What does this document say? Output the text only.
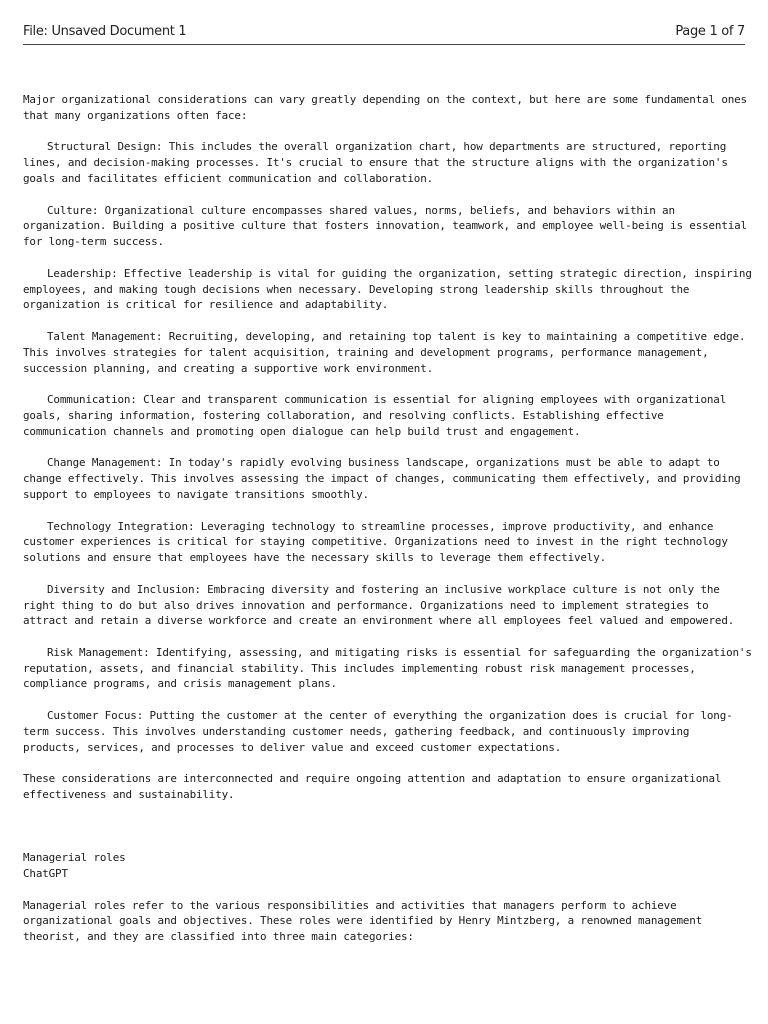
File: Unsaved Document 1	Page 1 of 7

Major organizational considerations can vary greatly depending on the context, but here are some fundamental ones that many organizations often face:

Structural Design: This includes the overall organization chart, how departments are structured, reporting lines, and decision-making processes. It's crucial to ensure that the structure aligns with the organization's goals and facilitates efficient communication and collaboration.

Culture: Organizational culture encompasses shared values, norms, beliefs, and behaviors within an organization. Building a positive culture that fosters innovation, teamwork, and employee well-being is essential for long-term success.

Leadership: Effective leadership is vital for guiding the organization, setting strategic direction, inspiring employees, and making tough decisions when necessary. Developing strong leadership skills throughout the organization is critical for resilience and adaptability.

Talent Management: Recruiting, developing, and retaining top talent is key to maintaining a competitive edge. This involves strategies for talent acquisition, training and development programs, performance management, succession planning, and creating a supportive work environment.

Communication: Clear and transparent communication is essential for aligning employees with organizational goals, sharing information, fostering collaboration, and resolving conflicts. Establishing effective communication channels and promoting open dialogue can help build trust and engagement.

Change Management: In today's rapidly evolving business landscape, organizations must be able to adapt to change effectively. This involves assessing the impact of changes, communicating them effectively, and providing support to employees to navigate transitions smoothly.

Technology Integration: Leveraging technology to streamline processes, improve productivity, and enhance customer experiences is critical for staying competitive. Organizations need to invest in the right technology solutions and ensure that employees have the necessary skills to leverage them effectively.

Diversity and Inclusion: Embracing diversity and fostering an inclusive workplace culture is not only the right thing to do but also drives innovation and performance. Organizations need to implement strategies to attract and retain a diverse workforce and create an environment where all employees feel valued and empowered.

Risk Management: Identifying, assessing, and mitigating risks is essential for safeguarding the organization's reputation, assets, and financial stability. This includes implementing robust risk management processes, compliance programs, and crisis management plans.

Customer Focus: Putting the customer at the center of everything the organization does is crucial for long-term success. This involves understanding customer needs, gathering feedback, and continuously improving products, services, and processes to deliver value and exceed customer expectations.

These considerations are interconnected and require ongoing attention and adaptation to ensure organizational effectiveness and sustainability.

Managerial roles
ChatGPT

Managerial roles refer to the various responsibilities and activities that managers perform to achieve organizational goals and objectives. These roles were identified by Henry Mintzberg, a renowned management theorist, and they are classified into three main categories:
